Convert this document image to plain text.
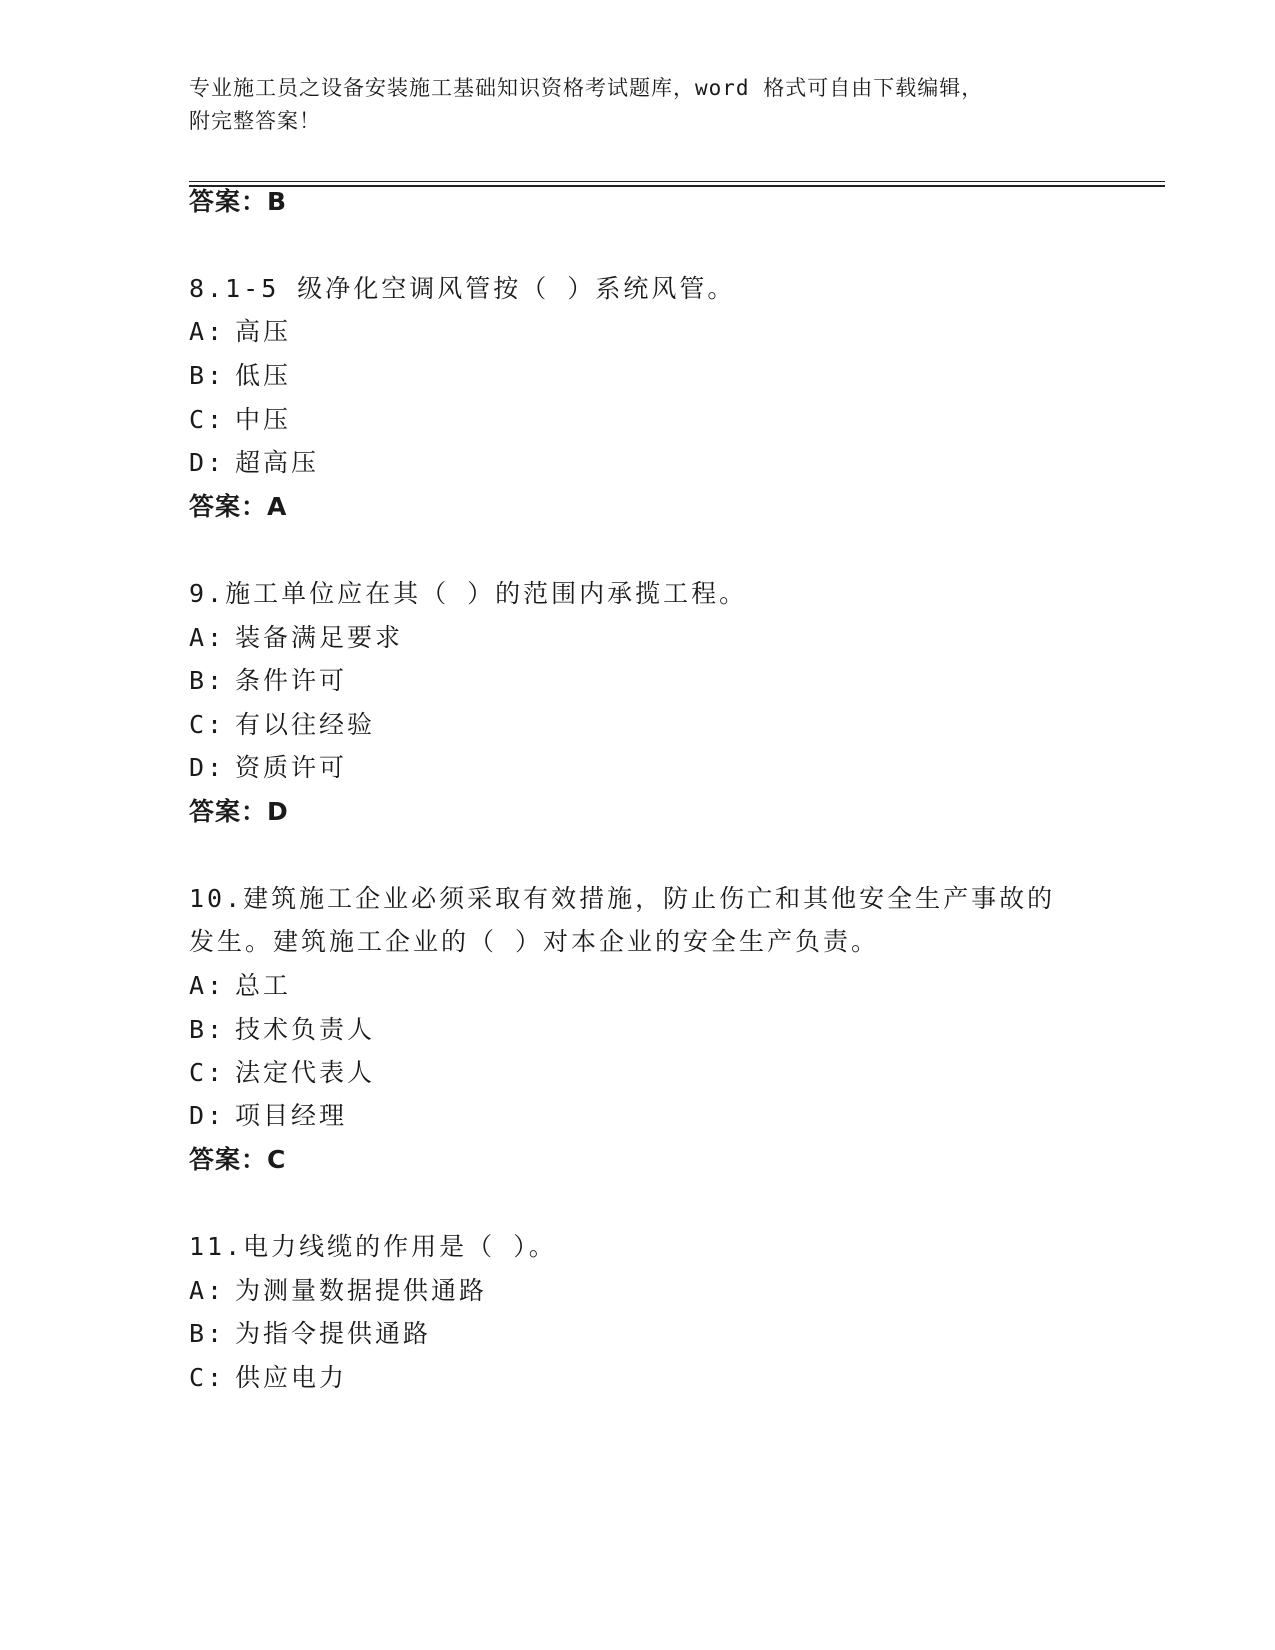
专业施工员之设备安装施工基础知识资格考试题库，word 格式可自由下载编辑，
附完整答案！
答案：B
8.1-5 级净化空调风管按（ ）系统风管。
A: 高压
B: 低压
C: 中压
D: 超高压
答案：A
9.施工单位应在其（ ）的范围内承揽工程。
A: 装备满足要求
B: 条件许可
C: 有以往经验
D: 资质许可
答案：D
10.建筑施工企业必须采取有效措施，防止伤亡和其他安全生产事故的
发生。建筑施工企业的（ ）对本企业的安全生产负责。
A: 总工
B: 技术负责人
C: 法定代表人
D: 项目经理
答案：C
11.电力线缆的作用是（ ）。
A: 为测量数据提供通路
B: 为指令提供通路
C: 供应电力
